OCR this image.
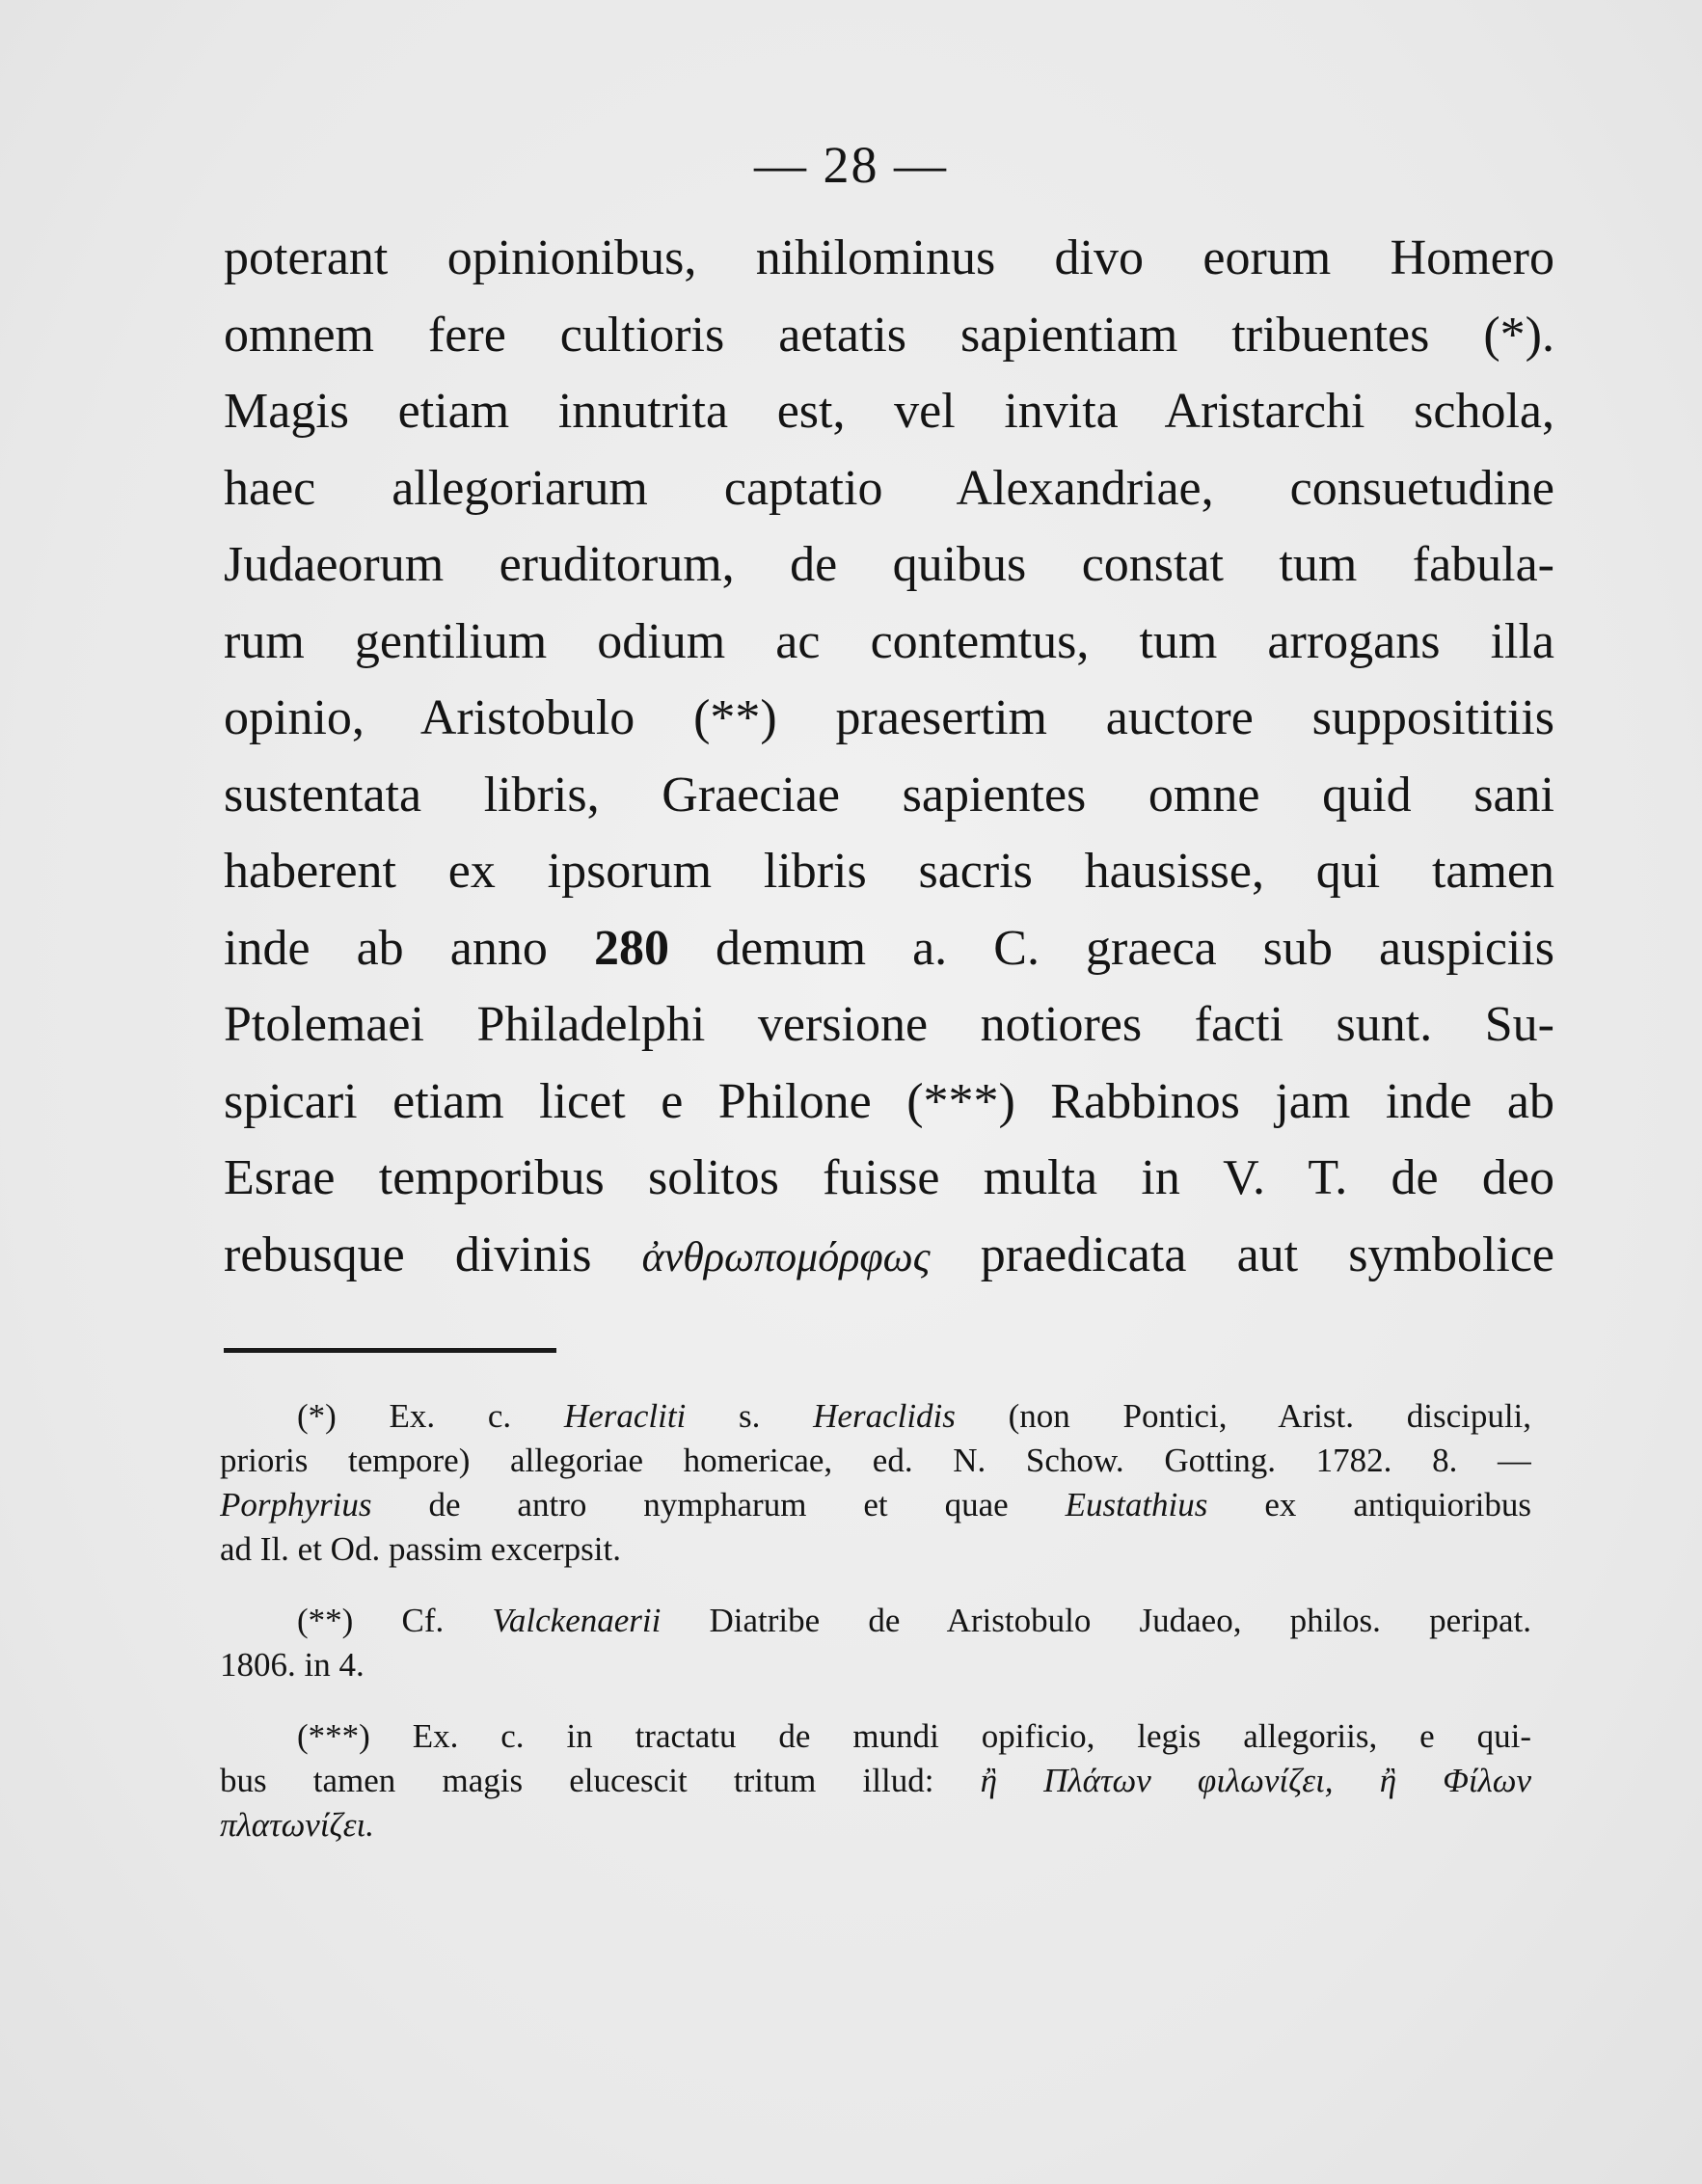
— 28 —
poterant opinionibus, nihilominus divo eorum Homero
omnem fere cultioris aetatis sapientiam tribuentes (*).
Magis etiam innutrita est, vel invita Aristarchi schola,
haec allegoriarum captatio Alexandriae, consuetudine
Judaeorum eruditorum, de quibus constat tum fabula-
rum gentilium odium ac contemtus, tum arrogans illa
opinio, Aristobulo (**) praesertim auctore supposititiis
sustentata libris, Graeciae sapientes omne quid sani
haberent ex ipsorum libris sacris hausisse, qui tamen
inde ab anno 280 demum a. C. graeca sub auspiciis
Ptolemaei Philadelphi versione notiores facti sunt. Su-
spicari etiam licet e Philone (***) Rabbinos jam inde ab
Esrae temporibus solitos fuisse multa in V. T. de deo
rebusque divinis ἀνθρωπομόρφως praedicata aut symbolice
(*) Ex. c. Heracliti s. Heraclidis (non Pontici, Arist. discipuli,
prioris tempore) allegoriae homericae, ed. N. Schow. Gotting. 1782. 8. —
Porphyrius de antro nympharum et quae Eustathius ex antiquioribus
ad Il. et Od. passim excerpsit.
(**) Cf. Valckenaerii Diatribe de Aristobulo Judaeo, philos. peripat.
1806. in 4.
(***) Ex. c. in tractatu de mundi opificio, legis allegoriis, e qui-
bus tamen magis elucescit tritum illud: ἢ Πλάτων φιλωνίζει, ἢ Φίλων
πλατωνίζει.
